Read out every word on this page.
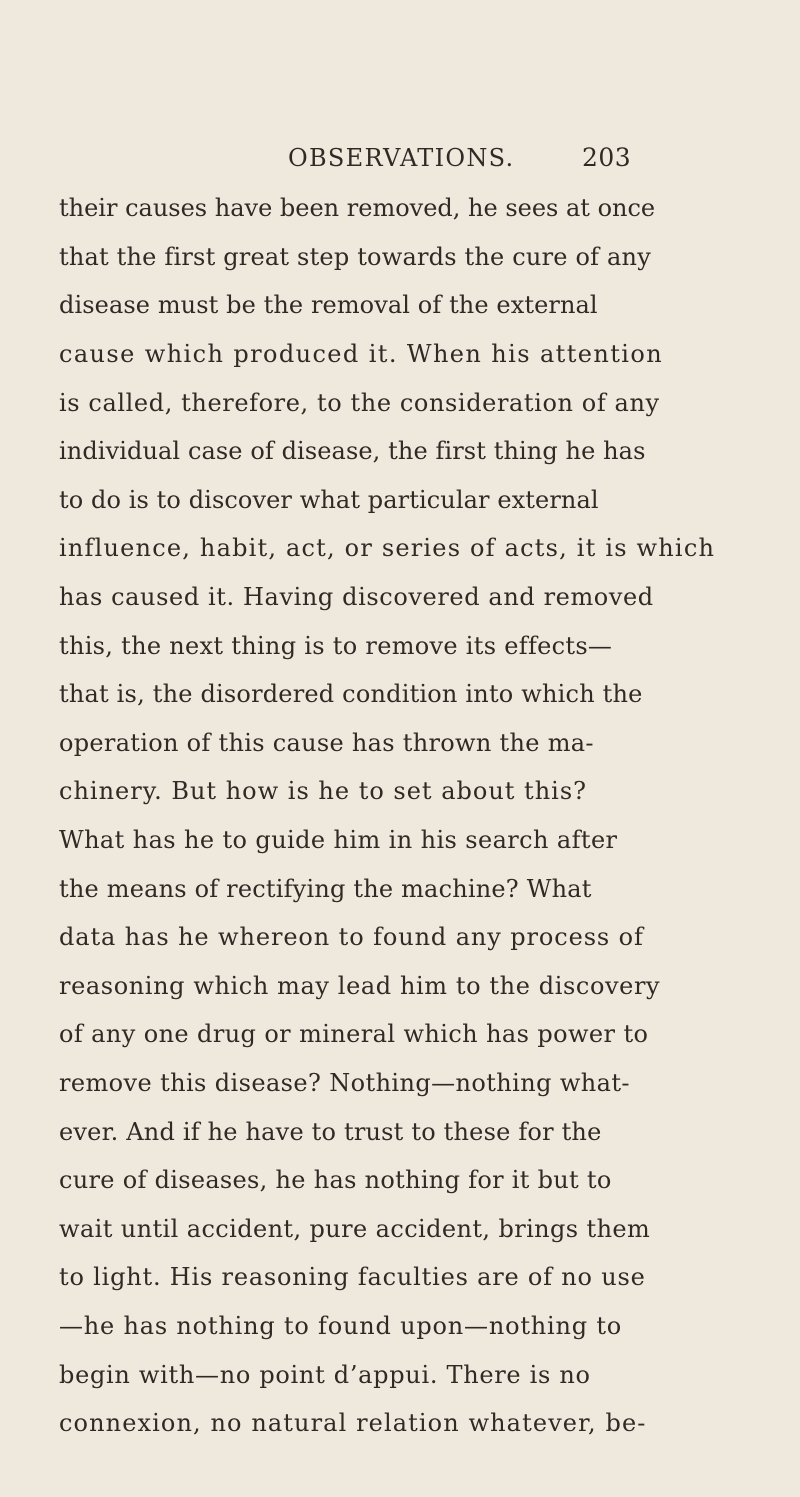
OBSERVATIONS.	203
their causes have been removed, he sees at once
that the first great step towards the cure of any
disease must be the removal of the external
cause which produced it. When his attention
is called, therefore, to the consideration of any
individual case of disease, the first thing he has
to do is to discover what particular external
influence, habit, act, or series of acts, it is which
has caused it. Having discovered and removed
this, the next thing is to remove its effects—
that is, the disordered condition into which the
operation of this cause has thrown the ma-
chinery. But how is he to set about this?
What has he to guide him in his search after
the means of rectifying the machine? What
data has he whereon to found any process of
reasoning which may lead him to the discovery
of any one drug or mineral which has power to
remove this disease? Nothing—nothing what-
ever. And if he have to trust to these for the
cure of diseases, he has nothing for it but to
wait until accident, pure accident, brings them
to light. His reasoning faculties are of no use
—he has nothing to found upon—nothing to
begin with—no point d’appui. There is no
connexion, no natural relation whatever, be-
